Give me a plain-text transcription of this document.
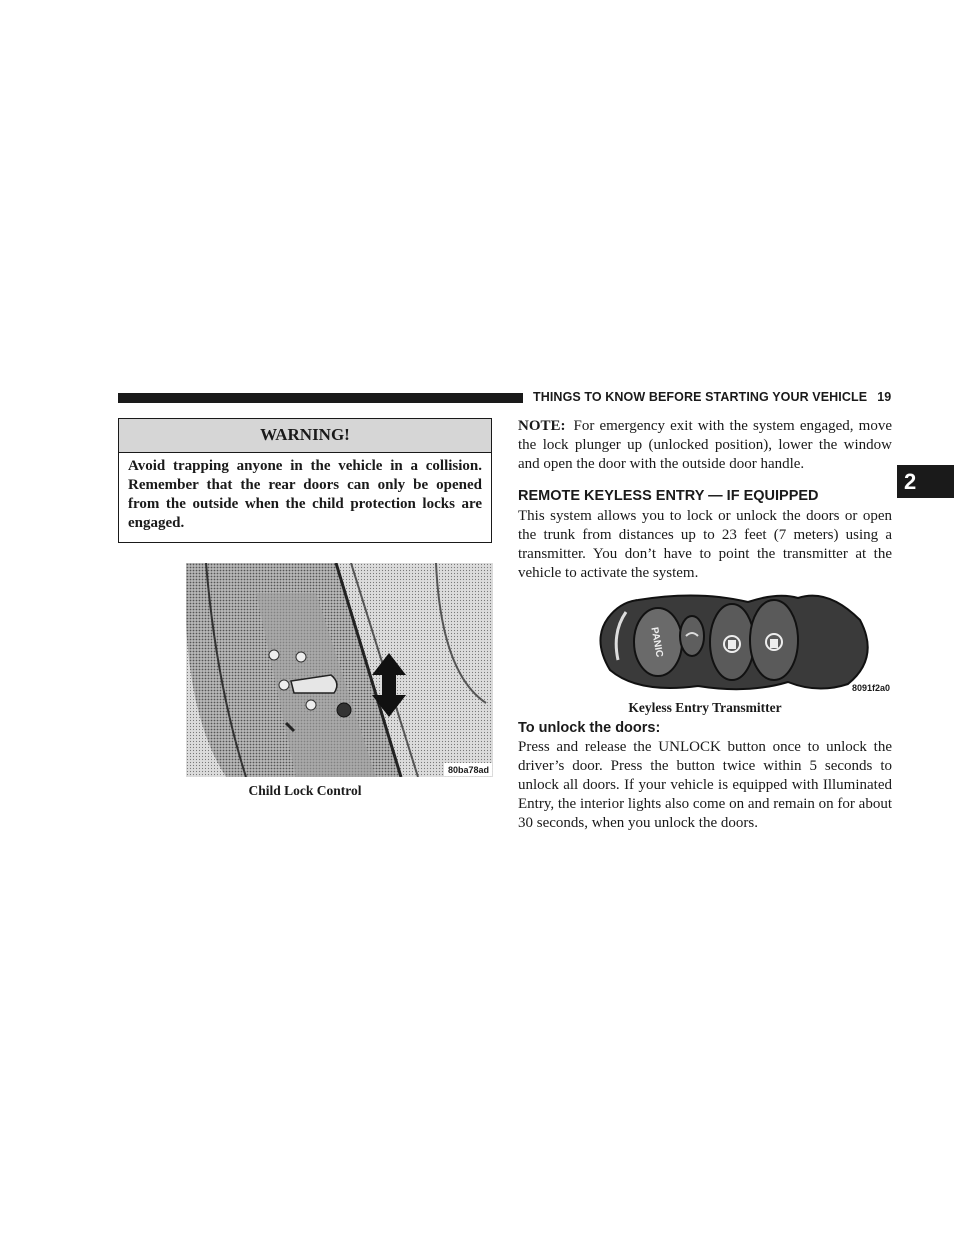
THINGS TO KNOW BEFORE STARTING YOUR VEHICLE 19
2
WARNING!
Avoid trapping anyone in the vehicle in a collision. Remember that the rear doors can only be opened from the outside when the child protection locks are engaged.
80ba78ad
Child Lock Control
NOTE: For emergency exit with the system engaged, move the lock plunger up (unlocked position), lower the window and open the door with the outside door handle.
REMOTE KEYLESS ENTRY — IF EQUIPPED
This system allows you to lock or unlock the doors or open the trunk from distances up to 23 feet (7 meters) using a transmitter. You don’t have to point the transmitter at the vehicle to activate the system.
PANIC
8091f2a0
Keyless Entry Transmitter
To unlock the doors:
Press and release the UNLOCK button once to unlock the driver’s door. Press the button twice within 5 seconds to unlock all doors. If your vehicle is equipped with Illuminated Entry, the interior lights also come on and remain on for about 30 seconds, when you unlock the doors.
